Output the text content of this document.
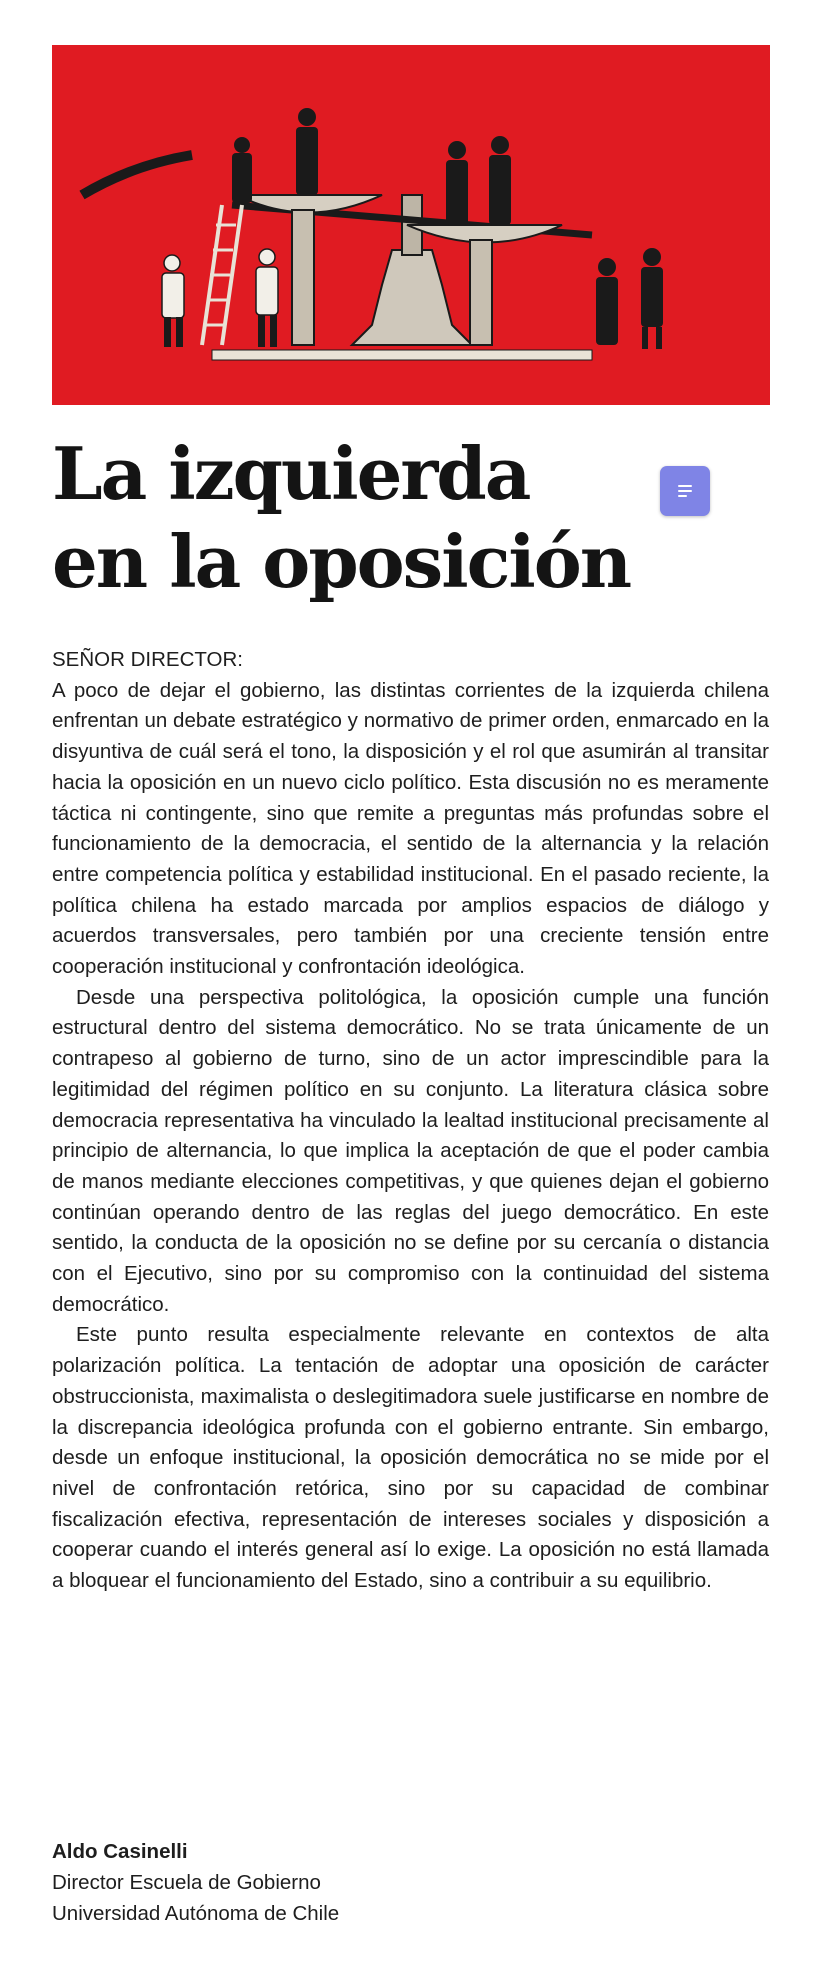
La izquierda
en la oposición
SEÑOR DIRECTOR:

A poco de dejar el gobierno, las distintas corrientes de la izquierda chilena enfrentan un debate estratégico y normativo de primer orden, enmarcado en la disyuntiva de cuál será el tono, la disposición y el rol que asumirán al transitar hacia la oposición en un nuevo ciclo político. Esta discusión no es meramente táctica ni contingente, sino que remite a preguntas más profundas sobre el funcionamiento de la democracia, el sentido de la alternancia y la relación entre competencia política y estabilidad institucional. En el pasado reciente, la política chilena ha estado marcada por amplios espacios de diálogo y acuerdos transversales, pero también por una creciente tensión entre cooperación institucional y confrontación ideológica.

Desde una perspectiva politológica, la oposición cumple una función estructural dentro del sistema democrático. No se trata únicamente de un contrapeso al gobierno de turno, sino de un actor imprescindible para la legitimidad del régimen político en su conjunto. La literatura clásica sobre democracia representativa ha vinculado la lealtad institucional precisamente al principio de alternancia, lo que implica la aceptación de que el poder cambia de manos mediante elecciones competitivas, y que quienes dejan el gobierno continúan operando dentro de las reglas del juego democrático. En este sentido, la conducta de la oposición no se define por su cercanía o distancia con el Ejecutivo, sino por su compromiso con la continuidad del sistema democrático.

Este punto resulta especialmente relevante en contextos de alta polarización política. La tentación de adoptar una oposición de carácter obstruccionista, maximalista o deslegitimadora suele justificarse en nombre de la discrepancia ideológica profunda con el gobierno entrante. Sin embargo, desde un enfoque institucional, la oposición democrática no se mide por el nivel de confrontación retórica, sino por su capacidad de combinar fiscalización efectiva, representación de intereses sociales y disposición a cooperar cuando el interés general así lo exige. La oposición no está llamada a bloquear el funcionamiento del Estado, sino a contribuir a su equilibrio.

Aldo Casinelli
Director Escuela de Gobierno
Universidad Autónoma de Chile
